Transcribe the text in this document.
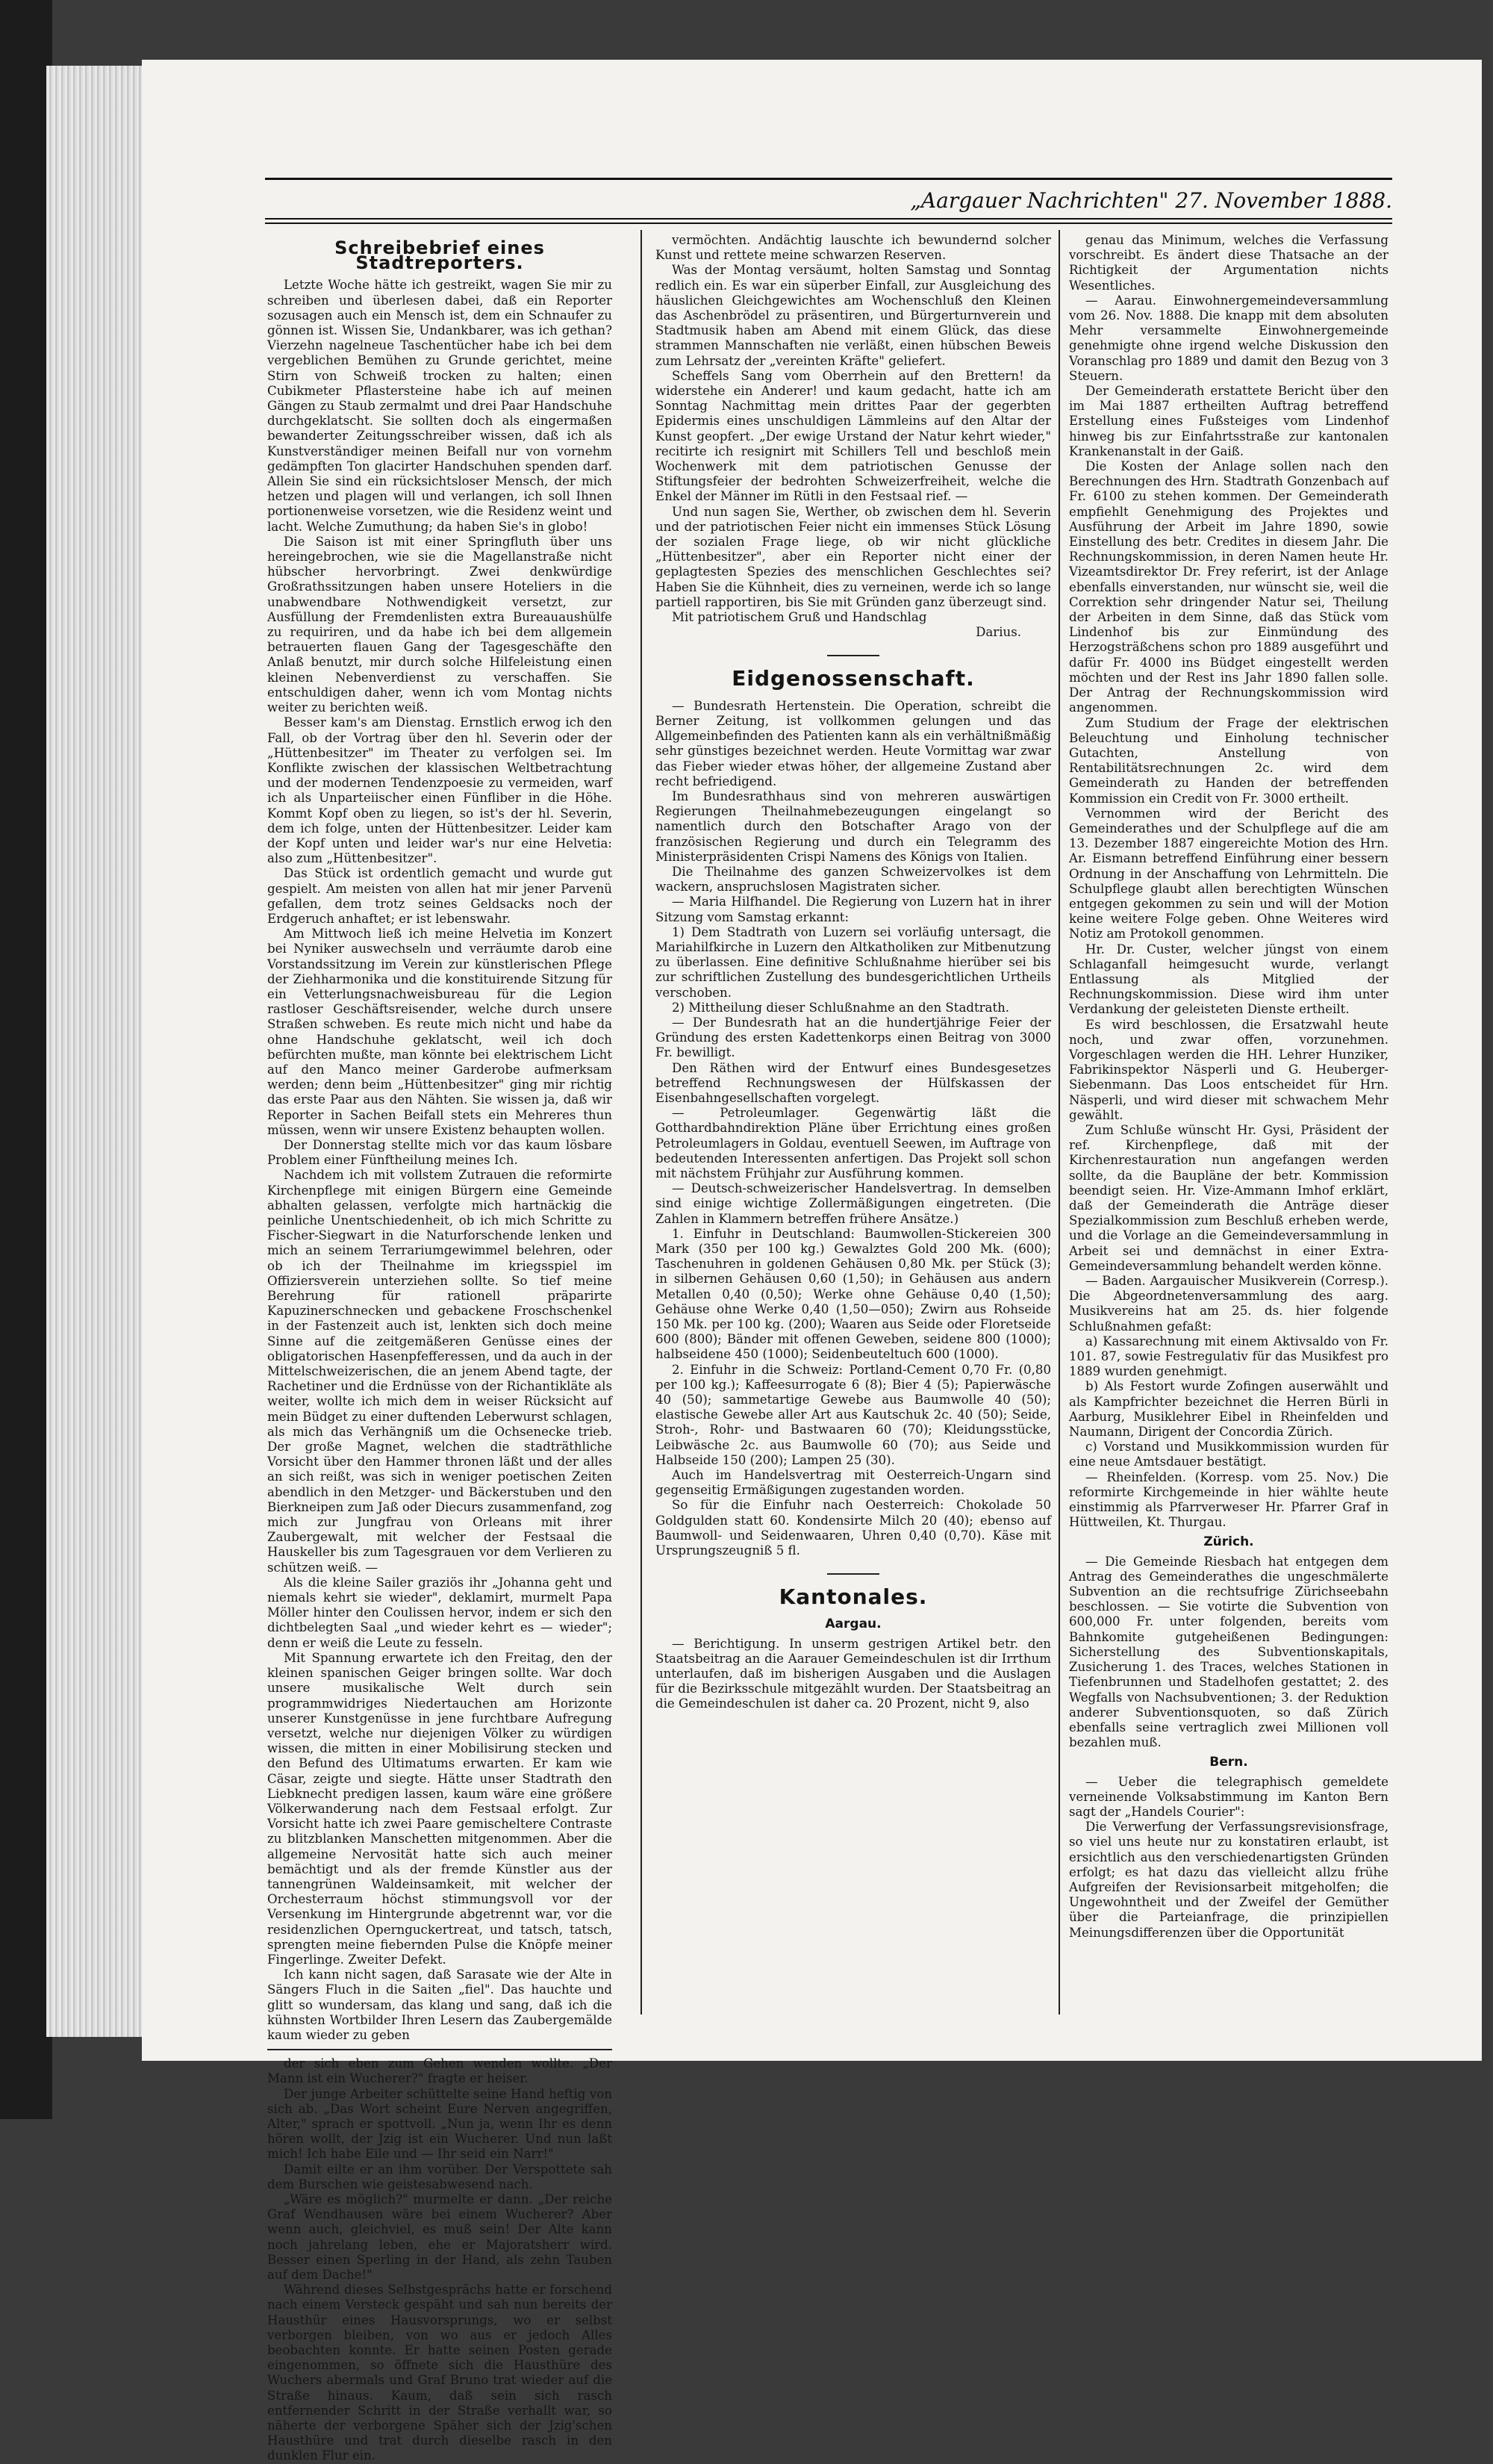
„Aargauer Nachrichten" 27. November 1888.
Schreibebrief eines Stadtreporters.

Letzte Woche hätte ich gestreikt, wagen Sie mir zu schreiben und überlesen dabei, daß ein Reporter sozusagen auch ein Mensch ist, dem ein Schnaufer zu gönnen ist. Wissen Sie, Undankbarer, was ich gethan? Vierzehn nagelneue Taschentücher habe ich bei dem vergeblichen Bemühen zu Grunde gerichtet, meine Stirn von Schweiß trocken zu halten; einen Cubikmeter Pflastersteine habe ich auf meinen Gängen zu Staub zermalmt und drei Paar Handschuhe durchgeklatscht. Sie sollten doch als eingermaßen bewanderter Zeitungsschreiber wissen, daß ich als Kunstverständiger meinen Beifall nur von vornehm gedämpften Ton glacirter Handschuhen spenden darf. Allein Sie sind ein rücksichtsloser Mensch, der mich hetzen und plagen will und verlangen, ich soll Ihnen portionenweise vorsetzen, wie die Residenz weint und lacht. Welche Zumuthung; da haben Sie's in globo!

Die Saison ist mit einer Springfluth über uns hereingebrochen, wie sie die Magellanstraße nicht hübscher hervorbringt. Zwei denkwürdige Großrathssitzungen haben unsere Hoteliers in die unabwendbare Nothwendigkeit versetzt, zur Ausfüllung der Fremdenlisten extra Bureauaushülfe zu requiriren, und da habe ich bei dem allgemein betrauerten flauen Gang der Tagesgeschäfte den Anlaß benutzt, mir durch solche Hilfeleistung einen kleinen Nebenverdienst zu verschaffen. Sie entschuldigen daher, wenn ich vom Montag nichts weiter zu berichten weiß.

Besser kam's am Dienstag. Ernstlich erwog ich den Fall, ob der Vortrag über den hl. Severin oder der „Hüttenbesitzer" im Theater zu verfolgen sei. Im Konflikte zwischen der klassischen Weltbetrachtung und der modernen Tendenzpoesie zu vermeiden, warf ich als Unparteiischer einen Fünfliber in die Höhe. Kommt Kopf oben zu liegen, so ist's der hl. Severin, dem ich folge, unten der Hüttenbesitzer. Leider kam der Kopf unten und leider war's nur eine Helvetia: also zum „Hüttenbesitzer".

Das Stück ist ordentlich gemacht und wurde gut gespielt. Am meisten von allen hat mir jener Parvenü gefallen, dem trotz seines Geldsacks noch der Erdgeruch anhaftet; er ist lebenswahr.

Am Mittwoch ließ ich meine Helvetia im Konzert bei Nyniker auswechseln und verräumte darob eine Vorstandssitzung im Verein zur künstlerischen Pflege der Ziehharmonika und die konstituirende Sitzung für ein Vetterlungsnachweisbureau für die Legion rastloser Geschäftsreisender, welche durch unsere Straßen schweben. Es reute mich nicht und habe da ohne Handschuhe geklatscht, weil ich doch befürchten mußte, man könnte bei elektrischem Licht auf den Manco meiner Garderobe aufmerksam werden; denn beim „Hüttenbesitzer" ging mir richtig das erste Paar aus den Nähten. Sie wissen ja, daß wir Reporter in Sachen Beifall stets ein Mehreres thun müssen, wenn wir unsere Existenz behaupten wollen.

Der Donnerstag stellte mich vor das kaum lösbare Problem einer Fünftheilung meines Ich.

Nachdem ich mit vollstem Zutrauen die reformirte Kirchenpflege mit einigen Bürgern eine Gemeinde abhalten gelassen, verfolgte mich hartnäckig die peinliche Unentschiedenheit, ob ich mich Schritte zu Fischer-Siegwart in die Naturforschende lenken und mich an seinem Terrariumgewimmel belehren, oder ob ich der Theilnahme im kriegsspiel im Offiziersverein unterziehen sollte. So tief meine Berehrung für rationell präparirte Kapuzinerschnecken und gebackene Froschschenkel in der Fastenzeit auch ist, lenkten sich doch meine Sinne auf die zeitgemäßeren Genüsse eines der obligatorischen Hasenpfefferessen, und da auch in der Mittelschweizerischen, die an jenem Abend tagte, der Rachetiner und die Erdnüsse von der Richantikläte als weiter, wollte ich mich dem in weiser Rücksicht auf mein Büdget zu einer duftenden Leberwurst schlagen, als mich das Verhängniß um die Ochsenecke trieb. Der große Magnet, welchen die stadträthliche Vorsicht über den Hammer thronen läßt und der alles an sich reißt, was sich in weniger poetischen Zeiten abendlich in den Metzger- und Bäckerstuben und den Bierkneipen zum Jaß oder Diecurs zusammenfand, zog mich zur Jungfrau von Orleans mit ihrer Zaubergewalt, mit welcher der Festsaal die Hauskeller bis zum Tagesgrauen vor dem Verlieren zu schützen weiß. —

Als die kleine Sailer graziös ihr „Johanna geht und niemals kehrt sie wieder", deklamirt, murmelt Papa Möller hinter den Coulissen hervor, indem er sich den dichtbelegten Saal „und wieder kehrt es — wieder"; denn er weiß die Leute zu fesseln.

Mit Spannung erwartete ich den Freitag, den der kleinen spanischen Geiger bringen sollte. War doch unsere musikalische Welt durch sein programmwidriges Niedertauchen am Horizonte unserer Kunstgenüsse in jene furchtbare Aufregung versetzt, welche nur diejenigen Völker zu würdigen wissen, die mitten in einer Mobilisirung stecken und den Befund des Ultimatums erwarten. Er kam wie Cäsar, zeigte und siegte. Hätte unser Stadtrath den Liebknecht predigen lassen, kaum wäre eine größere Völkerwanderung nach dem Festsaal erfolgt. Zur Vorsicht hatte ich zwei Paare gemischeltere Contraste zu blitzblanken Manschetten mitgenommen. Aber die allgemeine Nervosität hatte sich auch meiner bemächtigt und als der fremde Künstler aus der tannengrünen Waldeinsamkeit, mit welcher der Orchesterraum höchst stimmungsvoll vor der Versenkung im Hintergrunde abgetrennt war, vor die residenzlichen Opernguckertreat, und tatsch, tatsch, sprengten meine fiebernden Pulse die Knöpfe meiner Fingerlinge. Zweiter Defekt.

Ich kann nicht sagen, daß Sarasate wie der Alte in Sängers Fluch in die Saiten „fiel". Das hauchte und glitt so wundersam, das klang und sang, daß ich die kühnsten Wortbilder Ihren Lesern das Zaubergemälde kaum wieder zu geben

der sich eben zum Gehen wenden wollte. „Der Mann ist ein Wucherer?" fragte er heiser.

Der junge Arbeiter schüttelte seine Hand heftig von sich ab. „Das Wort scheint Eure Nerven angegriffen, Alter," sprach er spottvoll. „Nun ja, wenn Ihr es denn hören wollt, der Jzig ist ein Wucherer. Und nun laßt mich! Ich habe Eile und — Ihr seid ein Narr!"

Damit eilte er an ihm vorüber. Der Verspottete sah dem Burschen wie geistesabwesend nach.

„Wäre es möglich?" murmelte er dann. „Der reiche Graf Wendhausen wäre bei einem Wucherer? Aber wenn auch, gleichviel, es muß sein! Der Alte kann noch jahrelang leben, ehe er Majoratsherr wird. Besser einen Sperling in der Hand, als zehn Tauben auf dem Dache!"

Während dieses Selbstgesprächs hatte er forschend nach einem Versteck gespäht und sah nun bereits der Hausthür eines Hausvorsprungs, wo er selbst verborgen bleiben, von wo aus er jedoch Alles beobachten konnte. Er hatte seinen Posten gerade eingenommen, so öffnete sich die Hausthüre des Wuchers abermals und Graf Bruno trat wieder auf die Straße hinaus. Kaum, daß sein sich rasch entfernender Schritt in der Straße verhallt war, so näherte der verborgene Späher sich der Jzig'schen Hausthüre und trat durch dieselbe rasch in den dunklen Flur ein.

vermöchten. Andächtig lauschte ich bewundernd solcher Kunst und rettete meine schwarzen Reserven.

Was der Montag versäumt, holten Samstag und Sonntag redlich ein. Es war ein süperber Einfall, zur Ausgleichung des häuslichen Gleichgewichtes am Wochenschluß den Kleinen das Aschenbrödel zu präsentiren, und Bürgerturnverein und Stadtmusik haben am Abend mit einem Glück, das diese strammen Mannschaften nie verläßt, einen hübschen Beweis zum Lehrsatz der „vereinten Kräfte" geliefert.

Scheffels Sang vom Oberrhein auf den Brettern! da widerstehe ein Anderer! und kaum gedacht, hatte ich am Sonntag Nachmittag mein drittes Paar der gegerbten Epidermis eines unschuldigen Lämmleins auf den Altar der Kunst geopfert. „Der ewige Urstand der Natur kehrt wieder," recitirte ich resignirt mit Schillers Tell und beschloß mein Wochenwerk mit dem patriotischen Genusse der Stiftungsfeier der bedrohten Schweizerfreiheit, welche die Enkel der Männer im Rütli in den Festsaal rief. —

Und nun sagen Sie, Werther, ob zwischen dem hl. Severin und der patriotischen Feier nicht ein immenses Stück Lösung der sozialen Frage liege, ob wir nicht glückliche „Hüttenbesitzer", aber ein Reporter nicht einer der geplagtesten Spezies des menschlichen Geschlechtes sei? Haben Sie die Kühnheit, dies zu verneinen, werde ich so lange partiell rapportiren, bis Sie mit Gründen ganz überzeugt sind.

Mit patriotischem Gruß und Handschlag

Darius.
Eidgenossenschaft.

— Bundesrath Hertenstein. Die Operation, schreibt die Berner Zeitung, ist vollkommen gelungen und das Allgemeinbefinden des Patienten kann als ein verhältnißmäßig sehr günstiges bezeichnet werden. Heute Vormittag war zwar das Fieber wieder etwas höher, der allgemeine Zustand aber recht befriedigend.

Im Bundesrathhaus sind von mehreren auswärtigen Regierungen Theilnahmebezeugungen eingelangt so namentlich durch den Botschafter Arago von der französischen Regierung und durch ein Telegramm des Ministerpräsidenten Crispi Namens des Königs von Italien.

Die Theilnahme des ganzen Schweizervolkes ist dem wackern, anspruchslosen Magistraten sicher.

— Maria Hilfhandel. Die Regierung von Luzern hat in ihrer Sitzung vom Samstag erkannt:

1) Dem Stadtrath von Luzern sei vorläufig untersagt, die Mariahilfkirche in Luzern den Altkatholiken zur Mitbenutzung zu überlassen. Eine definitive Schlußnahme hierüber sei bis zur schriftlichen Zustellung des bundesgerichtlichen Urtheils verschoben.

2) Mittheilung dieser Schlußnahme an den Stadtrath.

— Der Bundesrath hat an die hundertjährige Feier der Gründung des ersten Kadettenkorps einen Beitrag von 3000 Fr. bewilligt.

Den Räthen wird der Entwurf eines Bundesgesetzes betreffend Rechnungswesen der Hülfskassen der Eisenbahngesellschaften vorgelegt.

— Petroleumlager. Gegenwärtig läßt die Gotthardbahndirektion Pläne über Errichtung eines großen Petroleumlagers in Goldau, eventuell Seewen, im Auftrage von bedeutenden Interessenten anfertigen. Das Projekt soll schon mit nächstem Frühjahr zur Ausführung kommen.

— Deutsch-schweizerischer Handelsvertrag. In demselben sind einige wichtige Zollermäßigungen eingetreten. (Die Zahlen in Klammern betreffen frühere Ansätze.)

1. Einfuhr in Deutschland: Baumwollen-Stickereien 300 Mark (350 per 100 kg.) Gewalztes Gold 200 Mk. (600); Taschenuhren in goldenen Gehäusen 0,80 Mk. per Stück (3); in silbernen Gehäusen 0,60 (1,50); in Gehäusen aus andern Metallen 0,40 (0,50); Werke ohne Gehäuse 0,40 (1,50); Gehäuse ohne Werke 0,40 (1,50—050); Zwirn aus Rohseide 150 Mk. per 100 kg. (200); Waaren aus Seide oder Floretseide 600 (800); Bänder mit offenen Geweben, seidene 800 (1000); halbseidene 450 (1000); Seidenbeuteltuch 600 (1000).

2. Einfuhr in die Schweiz: Portland-Cement 0,70 Fr. (0,80 per 100 kg.); Kaffeesurrogate 6 (8); Bier 4 (5); Papierwäsche 40 (50); sammetartige Gewebe aus Baumwolle 40 (50); elastische Gewebe aller Art aus Kautschuk 2c. 40 (50); Seide, Stroh-, Rohr- und Bastwaaren 60 (70); Kleidungsstücke, Leibwäsche 2c. aus Baumwolle 60 (70); aus Seide und Halbseide 150 (200); Lampen 25 (30).

Auch im Handelsvertrag mit Oesterreich-Ungarn sind gegenseitig Ermäßigungen zugestanden worden.

So für die Einfuhr nach Oesterreich: Chokolade 50 Goldgulden statt 60. Kondensirte Milch 20 (40); ebenso auf Baumwoll- und Seidenwaaren, Uhren 0,40 (0,70). Käse mit Ursprungszeugniß 5 fl.

Kantonales.
Aargau.

— Berichtigung. In unserm gestrigen Artikel betr. den Staatsbeitrag an die Aarauer Gemeindeschulen ist dir Irrthum unterlaufen, daß im bisherigen Ausgaben und die Auslagen für die Bezirksschule mitgezählt wurden. Der Staatsbeitrag an die Gemeindeschulen ist daher ca. 20 Prozent, nicht 9, also

genau das Minimum, welches die Verfassung vorschreibt. Es ändert diese Thatsache an der Richtigkeit der Argumentation nichts Wesentliches.

— Aarau. Einwohnergemeindeversammlung vom 26. Nov. 1888. Die knapp mit dem absoluten Mehr versammelte Einwohnergemeinde genehmigte ohne irgend welche Diskussion den Voranschlag pro 1889 und damit den Bezug von 3 Steuern.

Der Gemeinderath erstattete Bericht über den im Mai 1887 ertheilten Auftrag betreffend Erstellung eines Fußsteiges vom Lindenhof hinweg bis zur Einfahrtsstraße zur kantonalen Krankenanstalt in der Gaiß.

Die Kosten der Anlage sollen nach den Berechnungen des Hrn. Stadtrath Gonzenbach auf Fr. 6100 zu stehen kommen. Der Gemeinderath empfiehlt Genehmigung des Projektes und Ausführung der Arbeit im Jahre 1890, sowie Einstellung des betr. Credites in diesem Jahr. Die Rechnungskommission, in deren Namen heute Hr. Vizeamtsdirektor Dr. Frey referirt, ist der Anlage ebenfalls einverstanden, nur wünscht sie, weil die Correktion sehr dringender Natur sei, Theilung der Arbeiten in dem Sinne, daß das Stück vom Lindenhof bis zur Einmündung des Herzogsträßchens schon pro 1889 ausgeführt und dafür Fr. 4000 ins Büdget eingestellt werden möchten und der Rest ins Jahr 1890 fallen solle. Der Antrag der Rechnungskommission wird angenommen.

Zum Studium der Frage der elektrischen Beleuchtung und Einholung technischer Gutachten, Anstellung von Rentabilitätsrechnungen 2c. wird dem Gemeinderath zu Handen der betreffenden Kommission ein Credit von Fr. 3000 ertheilt.

Vernommen wird der Bericht des Gemeinderathes und der Schulpflege auf die am 13. Dezember 1887 eingereichte Motion des Hrn. Ar. Eismann betreffend Einführung einer bessern Ordnung in der Anschaffung von Lehrmitteln. Die Schulpflege glaubt allen berechtigten Wünschen entgegen gekommen zu sein und will der Motion keine weitere Folge geben. Ohne Weiteres wird Notiz am Protokoll genommen.

Hr. Dr. Custer, welcher jüngst von einem Schlaganfall heimgesucht wurde, verlangt Entlassung als Mitglied der Rechnungskommission. Diese wird ihm unter Verdankung der geleisteten Dienste ertheilt.

Es wird beschlossen, die Ersatzwahl heute noch, und zwar offen, vorzunehmen. Vorgeschlagen werden die HH. Lehrer Hunziker, Fabrikinspektor Näsperli und G. Heuberger-Siebenmann. Das Loos entscheidet für Hrn. Näsperli, und wird dieser mit schwachem Mehr gewählt.

Zum Schluße wünscht Hr. Gysi, Präsident der ref. Kirchenpflege, daß mit der Kirchenrestauration nun angefangen werden sollte, da die Baupläne der betr. Kommission beendigt seien. Hr. Vize-Ammann Imhof erklärt, daß der Gemeinderath die Anträge dieser Spezialkommission zum Beschluß erheben werde, und die Vorlage an die Gemeindeversammlung in Arbeit sei und demnächst in einer Extra-Gemeindeversammlung behandelt werden könne.

— Baden. Aargauischer Musikverein (Corresp.). Die Abgeordnetenversammlung des aarg. Musikvereins hat am 25. ds. hier folgende Schlußnahmen gefaßt:

a) Kassarechnung mit einem Aktivsaldo von Fr. 101. 87, sowie Festregulativ für das Musikfest pro 1889 wurden genehmigt.

b) Als Festort wurde Zofingen auserwählt und als Kampfrichter bezeichnet die Herren Bürli in Aarburg, Musiklehrer Eibel in Rheinfelden und Naumann, Dirigent der Concordia Zürich.

c) Vorstand und Musikkommission wurden für eine neue Amtsdauer bestätigt.

— Rheinfelden. (Korresp. vom 25. Nov.) Die reformirte Kirchgemeinde in hier wählte heute einstimmig als Pfarrverweser Hr. Pfarrer Graf in Hüttweilen, Kt. Thurgau.

Zürich.

— Die Gemeinde Riesbach hat entgegen dem Antrag des Gemeinderathes die ungeschmälerte Subvention an die rechtsufrige Zürichseebahn beschlossen. — Sie votirte die Subvention von 600,000 Fr. unter folgenden, bereits vom Bahnkomite gutgeheißenen Bedingungen: Sicherstellung des Subventionskapitals, Zusicherung 1. des Traces, welches Stationen in Tiefenbrunnen und Stadelhofen gestattet; 2. des Wegfalls von Nachsubventionen; 3. der Reduktion anderer Subventionsquoten, so daß Zürich ebenfalls seine vertraglich zwei Millionen voll bezahlen muß.

Bern.

— Ueber die telegraphisch gemeldete verneinende Volksabstimmung im Kanton Bern sagt der „Handels Courier":

Die Verwerfung der Verfassungsrevisionsfrage, so viel uns heute nur zu konstatiren erlaubt, ist ersichtlich aus den verschiedenartigsten Gründen erfolgt; es hat dazu das vielleicht allzu frühe Aufgreifen der Revisionsarbeit mitgeholfen; die Ungewohntheit und der Zweifel der Gemüther über die Parteianfrage, die prinzipiellen Meinungsdifferenzen über die Opportunität
